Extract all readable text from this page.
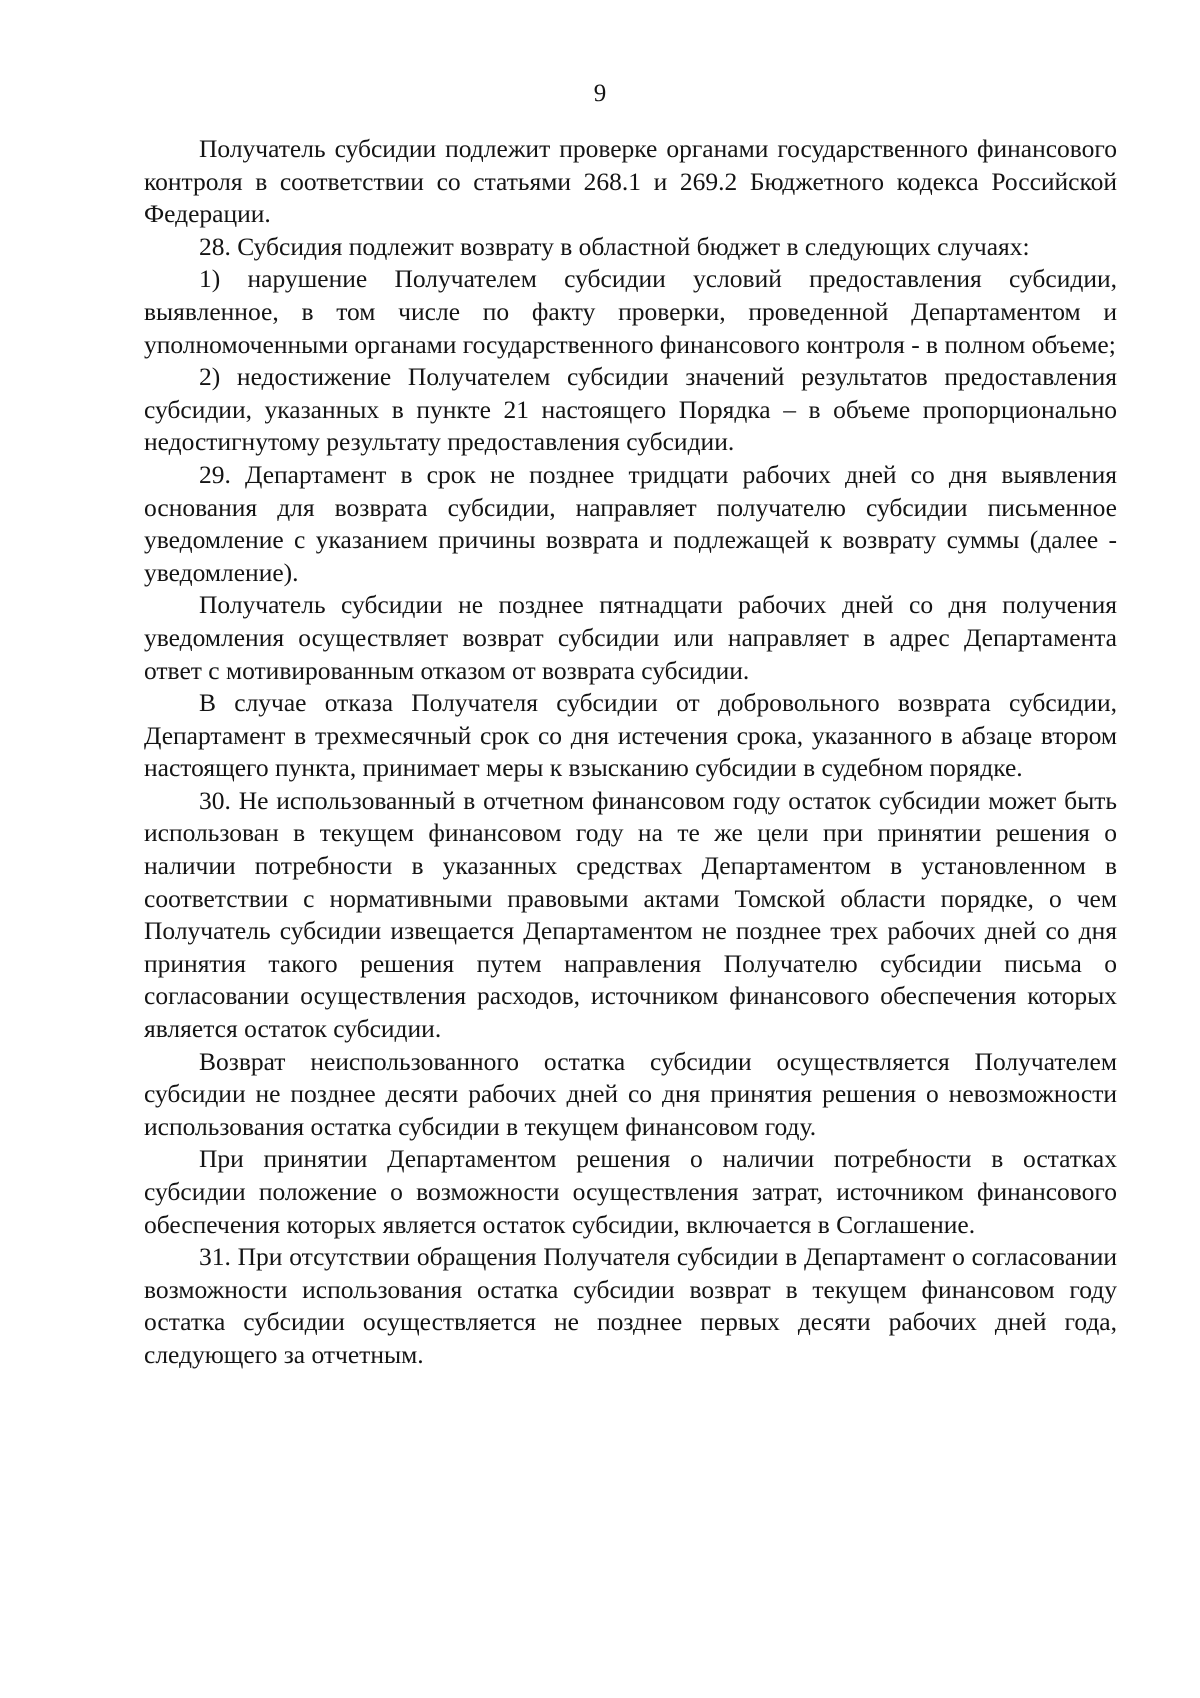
9

Получатель субсидии подлежит проверке органами государственного финансового контроля в соответствии со статьями 268.1 и 269.2 Бюджетного кодекса Российской Федерации.

28. Субсидия подлежит возврату в областной бюджет в следующих случаях:

1) нарушение Получателем субсидии условий предоставления субсидии, выявленное, в том числе по факту проверки, проведенной Департаментом и уполномоченными органами государственного финансового контроля - в полном объеме;

2) недостижение Получателем субсидии значений результатов предоставления субсидии, указанных в пункте 21 настоящего Порядка – в объеме пропорционально недостигнутому результату предоставления субсидии.

29. Департамент в срок не позднее тридцати рабочих дней со дня выявления основания для возврата субсидии, направляет получателю субсидии письменное уведомление с указанием причины возврата и подлежащей к возврату суммы (далее - уведомление).

Получатель субсидии не позднее пятнадцати рабочих дней со дня получения уведомления осуществляет возврат субсидии или направляет в адрес Департамента ответ с мотивированным отказом от возврата субсидии.

В случае отказа Получателя субсидии от добровольного возврата субсидии, Департамент в трехмесячный срок со дня истечения срока, указанного в абзаце втором настоящего пункта, принимает меры к взысканию субсидии в судебном порядке.

30. Не использованный в отчетном финансовом году остаток субсидии может быть использован в текущем финансовом году на те же цели при принятии решения о наличии потребности в указанных средствах Департаментом в установленном в соответствии с нормативными правовыми актами Томской области порядке, о чем Получатель субсидии извещается Департаментом не позднее трех рабочих дней со дня принятия такого решения путем направления Получателю субсидии письма о согласовании осуществления расходов, источником финансового обеспечения которых является остаток субсидии.

Возврат неиспользованного остатка субсидии осуществляется Получателем субсидии не позднее десяти рабочих дней со дня принятия решения о невозможности использования остатка субсидии в текущем финансовом году.

При принятии Департаментом решения о наличии потребности в остатках субсидии положение о возможности осуществления затрат, источником финансового обеспечения которых является остаток субсидии, включается в Соглашение.

31. При отсутствии обращения Получателя субсидии в Департамент о согласовании возможности использования остатка субсидии возврат в текущем финансовом году остатка субсидии осуществляется не позднее первых десяти рабочих дней года, следующего за отчетным.
